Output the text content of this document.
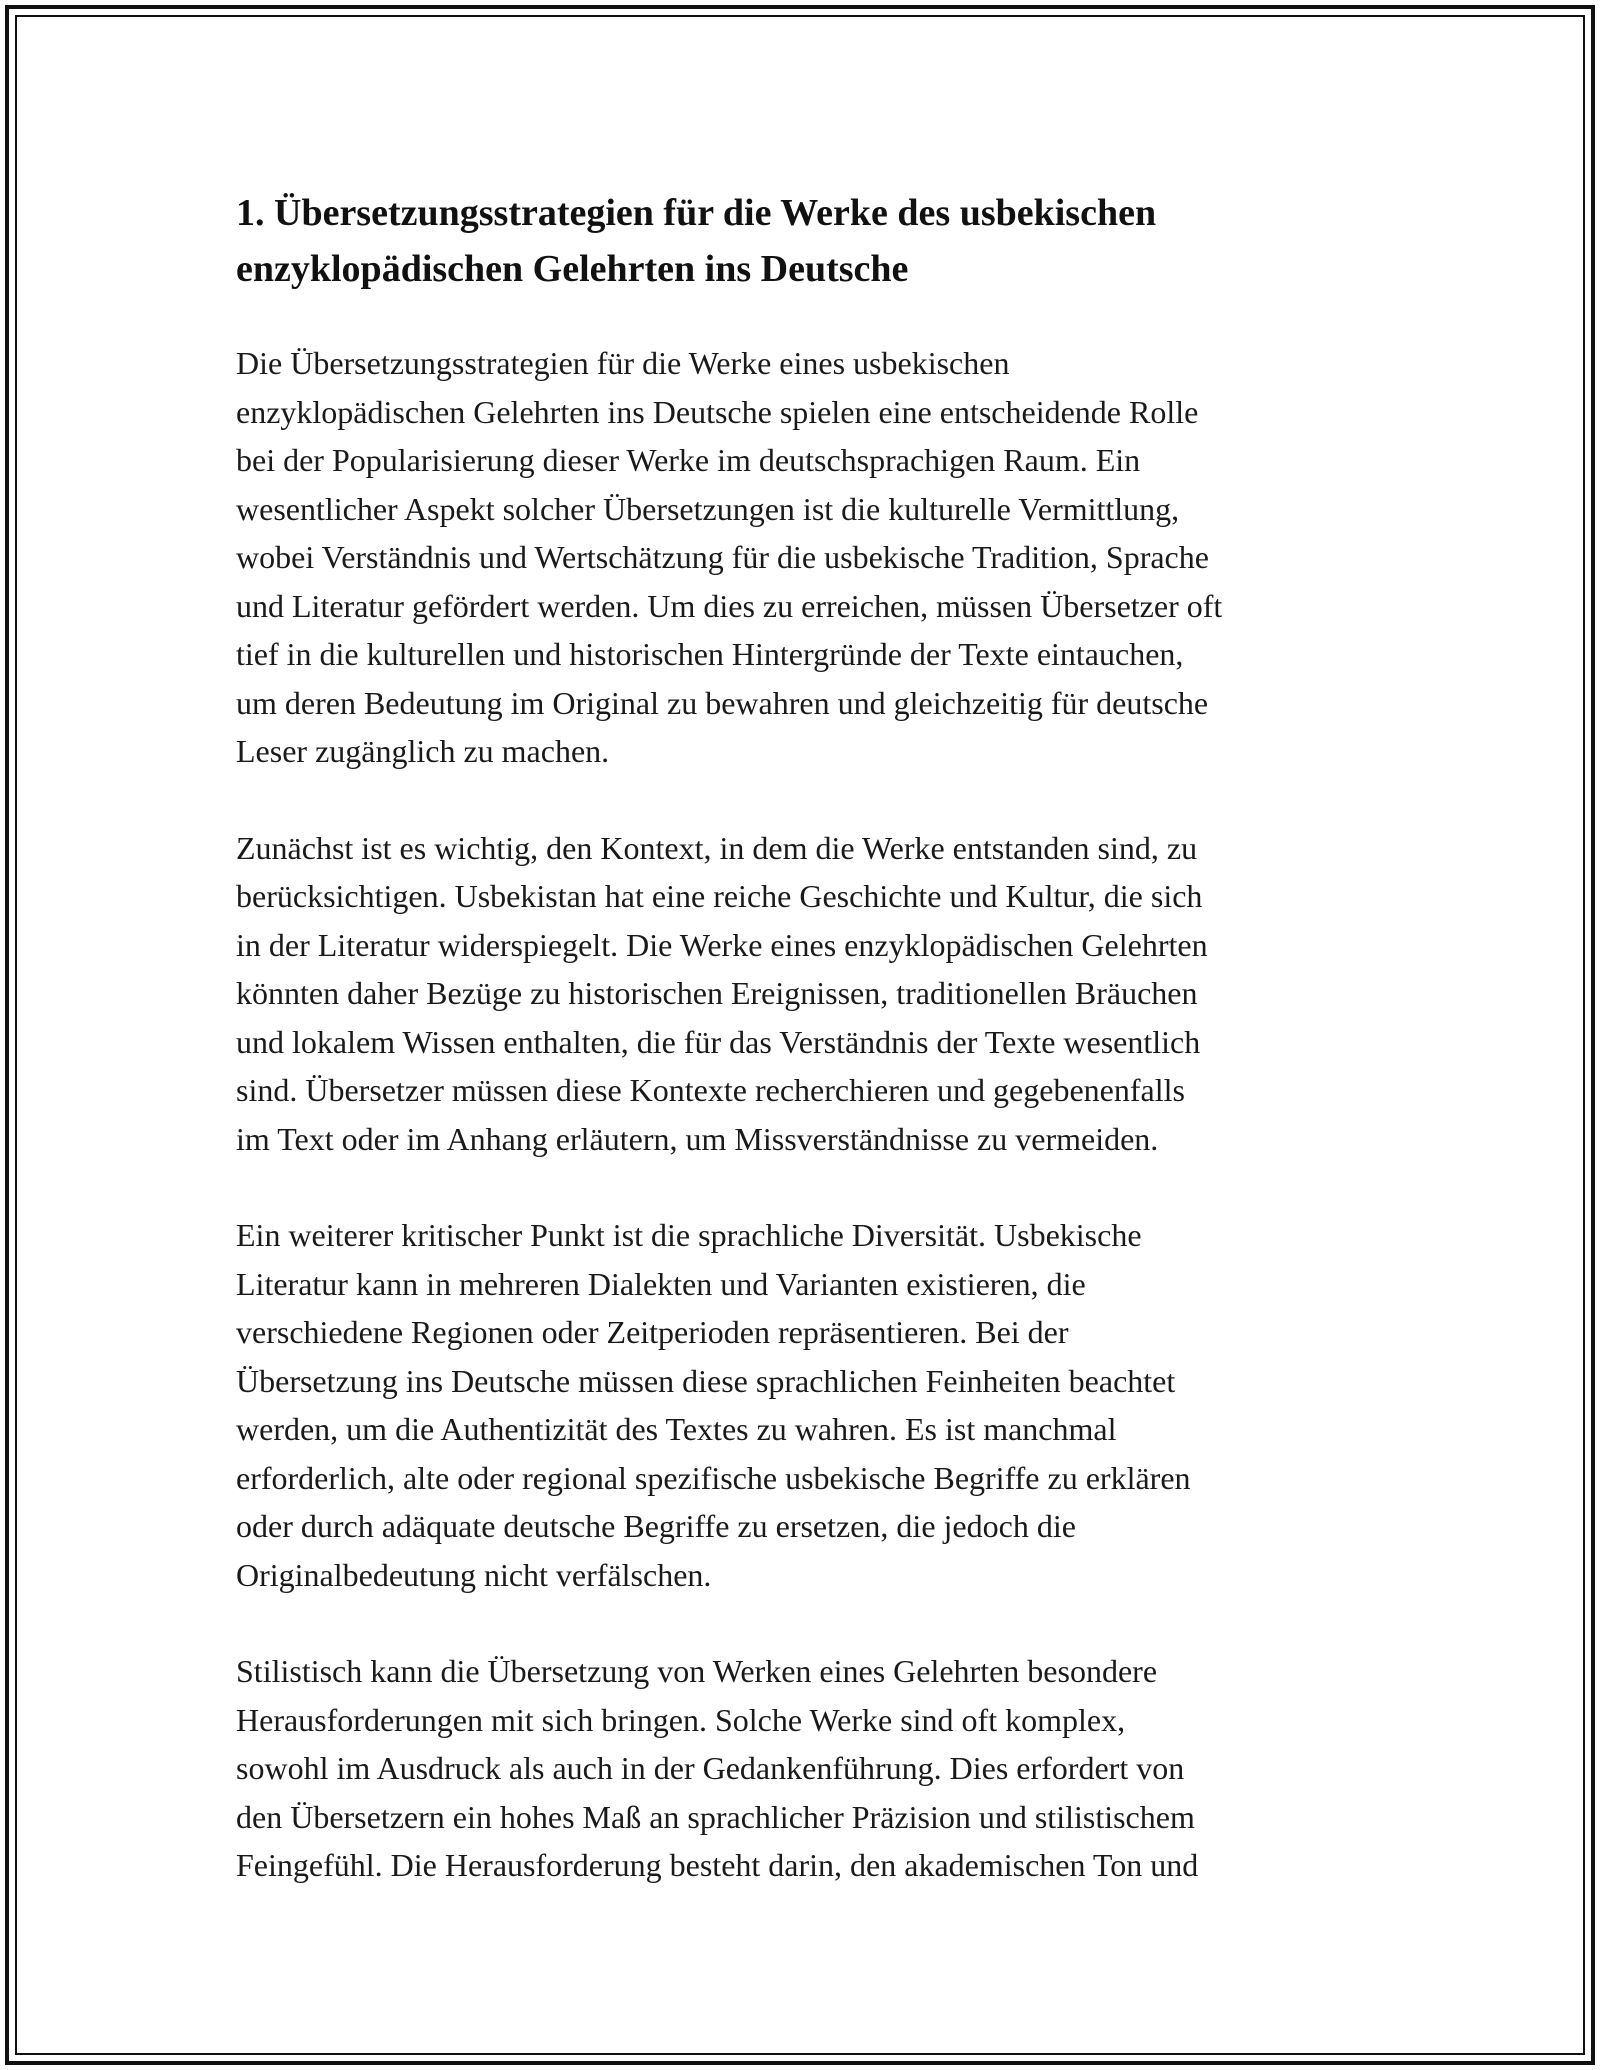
1. Übersetzungsstrategien für die Werke des usbekischen
enzyklopädischen Gelehrten ins Deutsche

Die Übersetzungsstrategien für die Werke eines usbekischen
enzyklopädischen Gelehrten ins Deutsche spielen eine entscheidende Rolle
bei der Popularisierung dieser Werke im deutschsprachigen Raum. Ein
wesentlicher Aspekt solcher Übersetzungen ist die kulturelle Vermittlung,
wobei Verständnis und Wertschätzung für die usbekische Tradition, Sprache
und Literatur gefördert werden. Um dies zu erreichen, müssen Übersetzer oft
tief in die kulturellen und historischen Hintergründe der Texte eintauchen,
um deren Bedeutung im Original zu bewahren und gleichzeitig für deutsche
Leser zugänglich zu machen.

Zunächst ist es wichtig, den Kontext, in dem die Werke entstanden sind, zu
berücksichtigen. Usbekistan hat eine reiche Geschichte und Kultur, die sich
in der Literatur widerspiegelt. Die Werke eines enzyklopädischen Gelehrten
könnten daher Bezüge zu historischen Ereignissen, traditionellen Bräuchen
und lokalem Wissen enthalten, die für das Verständnis der Texte wesentlich
sind. Übersetzer müssen diese Kontexte recherchieren und gegebenenfalls
im Text oder im Anhang erläutern, um Missverständnisse zu vermeiden.

Ein weiterer kritischer Punkt ist die sprachliche Diversität. Usbekische
Literatur kann in mehreren Dialekten und Varianten existieren, die
verschiedene Regionen oder Zeitperioden repräsentieren. Bei der
Übersetzung ins Deutsche müssen diese sprachlichen Feinheiten beachtet
werden, um die Authentizität des Textes zu wahren. Es ist manchmal
erforderlich, alte oder regional spezifische usbekische Begriffe zu erklären
oder durch adäquate deutsche Begriffe zu ersetzen, die jedoch die
Originalbedeutung nicht verfälschen.

Stilistisch kann die Übersetzung von Werken eines Gelehrten besondere
Herausforderungen mit sich bringen. Solche Werke sind oft komplex,
sowohl im Ausdruck als auch in der Gedankenführung. Dies erfordert von
den Übersetzern ein hohes Maß an sprachlicher Präzision und stilistischem
Feingefühl. Die Herausforderung besteht darin, den akademischen Ton und
